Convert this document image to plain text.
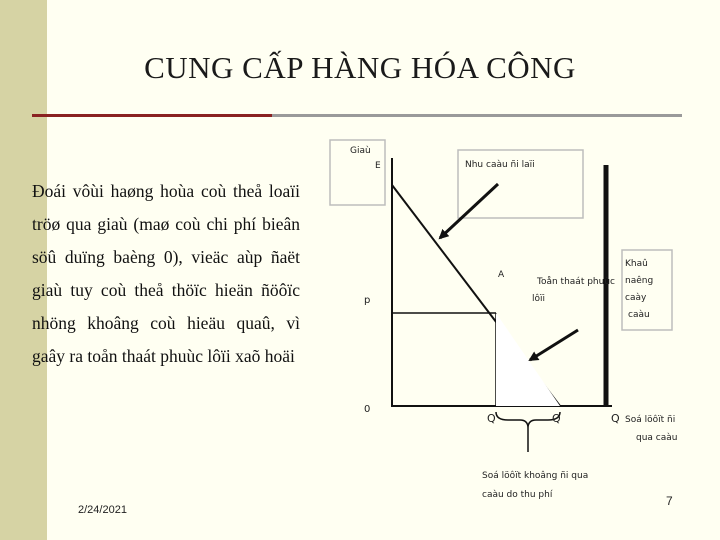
CUNG CẤP HÀNG HÓA CÔNG
Ðoái vôùi haøng hoùa coù theå loaïi tröø qua giaù (maø coù chi phí bieân söû duïng baèng 0), vieäc aùp ñaët giaù tuy coù theå thöïc hieän ñöôïc nhöng khoâng coù hieäu quaû, vì gaây ra toån thaát phuùc lôïi xaõ hoäi
Giaù
E	Nhu caàu ñi laïi
p
0
A
Toån thaát phuùc
lôïi
Khaû
naêng
caày
caàu
Q	Q	Q Soá löôït ñi
qua caàu
Soá löôït khoâng ñi qua
caàu do thu phí
2/24/2021
7
